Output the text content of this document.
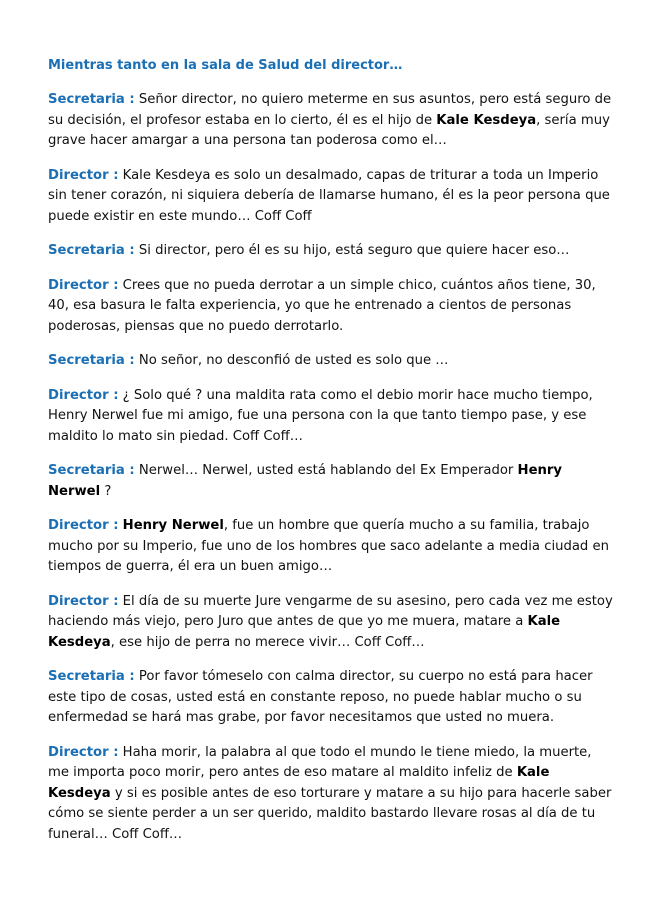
Mientras tanto en la sala de Salud del director…

Secretaria : Señor director, no quiero meterme en sus asuntos, pero está seguro de su decisión, el profesor estaba en lo cierto, él es el hijo de Kale Kesdeya, sería muy grave hacer amargar a una persona tan poderosa como el…

Director : Kale Kesdeya es solo un desalmado, capas de triturar a toda un Imperio sin tener corazón, ni siquiera debería de llamarse humano, él es la peor persona que puede existir en este mundo… Coff Coff

Secretaria : Si director, pero él es su hijo, está seguro que quiere hacer eso…

Director : Crees que no pueda derrotar a un simple chico, cuántos años tiene, 30, 40, esa basura le falta experiencia, yo que he entrenado a cientos de personas poderosas, piensas que no puedo derrotarlo.

Secretaria : No señor, no desconfió de usted es solo que …

Director : ¿ Solo qué ? una maldita rata como el debio morir hace mucho tiempo, Henry Nerwel fue mi amigo, fue una persona con la que tanto tiempo pase, y ese maldito lo mato sin piedad. Coff Coff…

Secretaria : Nerwel… Nerwel, usted está hablando del Ex Emperador Henry Nerwel ?

Director : Henry Nerwel, fue un hombre que quería mucho a su familia, trabajo mucho por su Imperio, fue uno de los hombres que saco adelante a media ciudad en tiempos de guerra, él era un buen amigo…

Director : El día de su muerte Jure vengarme de su asesino, pero cada vez me estoy haciendo más viejo, pero Juro que antes de que yo me muera, matare a Kale Kesdeya, ese hijo de perra no merece vivir… Coff Coff…

Secretaria : Por favor tómeselo con calma director, su cuerpo no está para hacer este tipo de cosas, usted está en constante reposo, no puede hablar mucho o su enfermedad se hará mas grabe, por favor necesitamos que usted no muera.

Director : Haha morir, la palabra al que todo el mundo le tiene miedo, la muerte, me importa poco morir, pero antes de eso matare al maldito infeliz de Kale Kesdeya y si es posible antes de eso torturare y matare a su hijo para hacerle saber cómo se siente perder a un ser querido, maldito bastardo llevare rosas al día de tu funeral… Coff Coff…
